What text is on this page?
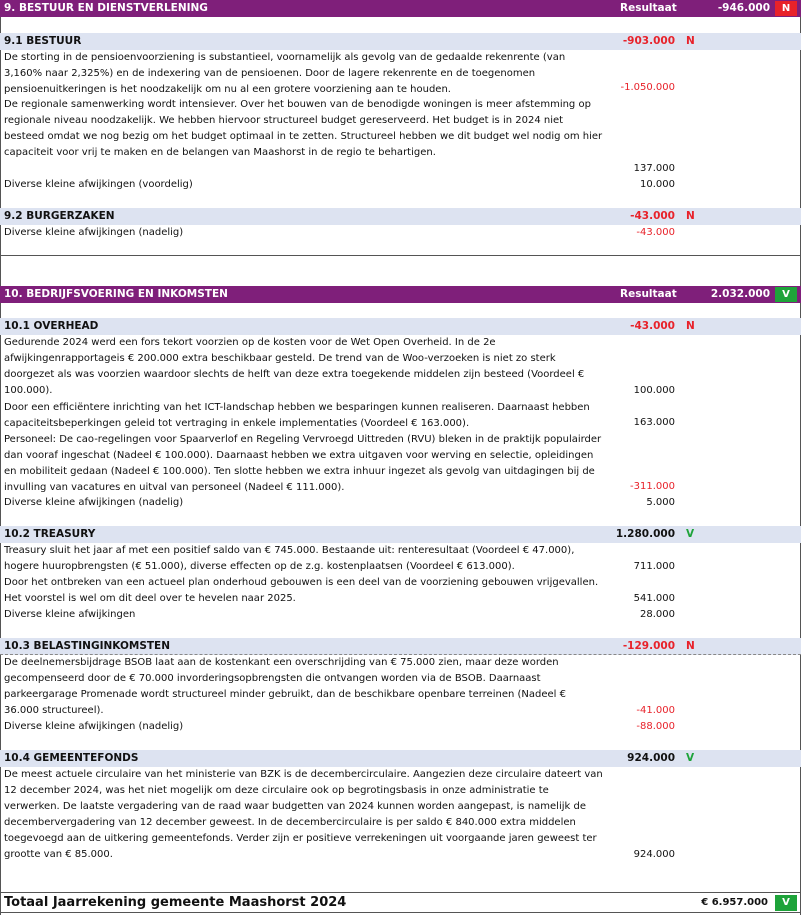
9. BESTUUR EN DIENSTVERLENING	Resultaat	-946.000	N
9.1 BESTUUR	-903.000 N
De storting in de pensioenvoorziening is substantieel, voornamelijk als gevolg van de gedaalde rekenrente (van 3,160% naar 2,325%) en de indexering van de pensioenen. Door de lagere rekenrente en de toegenomen pensioenuitkeringen is het noodzakelijk om nu al een grotere voorziening aan te houden.	-1.050.000
De regionale samenwerking wordt intensiever. Over het bouwen van de benodigde woningen is meer afstemming op regionale niveau noodzakelijk. We hebben hiervoor structureel budget gereserveerd. Het budget is in 2024 niet besteed omdat we nog bezig om het budget optimaal in te zetten. Structureel hebben we dit budget wel nodig om hier capaciteit voor vrij te maken en de belangen van Maashorst in de regio te behartigen.
137.000
Diverse kleine afwijkingen (voordelig)	10.000
9.2 BURGERZAKEN	-43.000 N
Diverse kleine afwijkingen (nadelig)	-43.000
10. BEDRIJFSVOERING EN INKOMSTEN	Resultaat	2.032.000	V
10.1 OVERHEAD	-43.000 N
Gedurende 2024 werd een fors tekort voorzien op de kosten voor de Wet Open Overheid. In de 2e afwijkingenrapportageis € 200.000 extra beschikbaar gesteld. De trend van de Woo-verzoeken is niet zo sterk doorgezet als was voorzien waardoor slechts de helft van deze extra toegekende middelen zijn besteed (Voordeel € 100.000).	100.000
Door een efficiëntere inrichting van het ICT-landschap hebben we besparingen kunnen realiseren. Daarnaast hebben capaciteitsbeperkingen geleid tot vertraging in enkele implementaties (Voordeel € 163.000).	163.000
Personeel: De cao-regelingen voor Spaarverlof en Regeling Vervroegd Uittreden (RVU) bleken in de praktijk populairder dan vooraf ingeschat (Nadeel € 100.000). Daarnaast hebben we extra uitgaven voor werving en selectie, opleidingen en mobiliteit gedaan (Nadeel € 100.000). Ten slotte hebben we extra inhuur ingezet als gevolg van uitdagingen bij de invulling van vacatures en uitval van personeel (Nadeel € 111.000).	-311.000
Diverse kleine afwijkingen (nadelig)	5.000
10.2 TREASURY	1.280.000 V
Treasury sluit het jaar af met een positief saldo van € 745.000. Bestaande uit: renteresultaat (Voordeel € 47.000), hogere huuropbrengsten (€ 51.000), diverse effecten op de z.g. kostenplaatsen (Voordeel € 613.000).	711.000
Door het ontbreken van een actueel plan onderhoud gebouwen is een deel van de voorziening gebouwen vrijgevallen. Het voorstel is wel om dit deel over te hevelen naar 2025.	541.000
Diverse kleine afwijkingen	28.000
10.3 BELASTINGINKOMSTEN	-129.000 N
De deelnemersbijdrage BSOB laat aan de kostenkant een overschrijding van € 75.000 zien, maar deze worden gecompenseerd door de € 70.000 invorderingsopbrengsten die ontvangen worden via de BSOB. Daarnaast parkeergarage Promenade wordt structureel minder gebruikt, dan de beschikbare openbare terreinen (Nadeel € 36.000 structureel).	-41.000
Diverse kleine afwijkingen (nadelig)	-88.000
10.4 GEMEENTEFONDS	924.000 V
De meest actuele circulaire van het ministerie van BZK is de decembercirculaire. Aangezien deze circulaire dateert van 12 december 2024, was het niet mogelijk om deze circulaire ook op begrotingsbasis in onze administratie te verwerken. De laatste vergadering van de raad waar budgetten van 2024 kunnen worden aangepast, is namelijk de decembervergadering van 12 december geweest. In de decembercirculaire is per saldo € 840.000 extra middelen toegevoegd aan de uitkering gemeentefonds. Verder zijn er positieve verrekeningen uit voorgaande jaren geweest ter grootte van € 85.000.	924.000
Totaal Jaarrekening gemeente Maashorst 2024	€ 6.957.000	V
